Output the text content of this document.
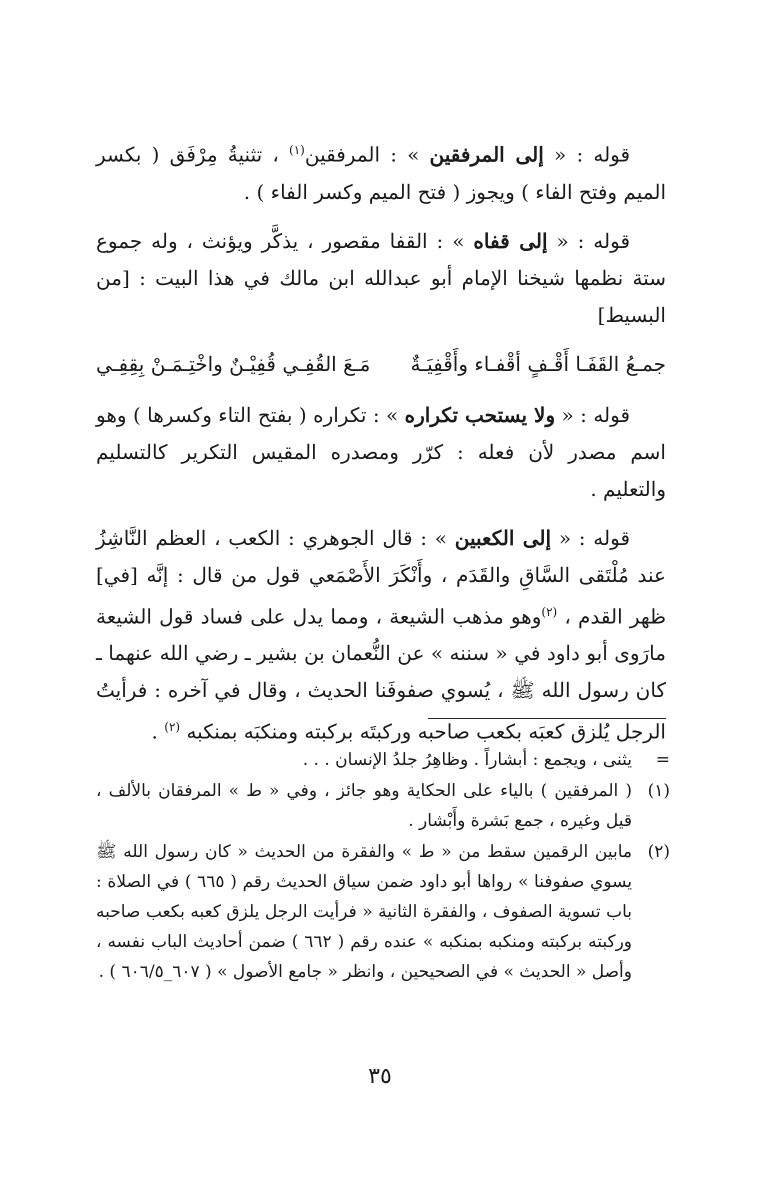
قوله : « إلى المرفقين » : المرفقين$^{(١)}$ ، تثنيةُ مِرْفَق ( بكسر الميم وفتح الفاء ) ويجوز ( فتح الميم وكسر الفاء ) .

قوله : « إلى قفاه » : القفا مقصور ، يذكَّر ويؤنث ، وله جموع ستة نظمها شيخنا الإمام أبو عبدالله ابن مالك في هذا البيت : [من البسيط]

جمـعُ القَفَـا أَقْـفٍ أقْفـاء وأَقْفِيَـةٌ
مَـعَ القُفِـي قُفِيْـنٌ واخْتِـمَـنْ بِقِفِـي

قوله : « ولا يستحب تكراره » : تكراره ( بفتح التاء وكسرها ) وهو اسم مصدر لأن فعله : كرّر ومصدره المقيس التكرير كالتسليم والتعليم .

قوله : « إلى الكعبين » : قال الجوهري : الكعب ، العظم النَّاشِزُ عند مُلْتَقى السَّاقِ والقَدَم ، وأَنْكَرَ الأَصْمَعي قول من قال : إنَّه [في] ظهر القدم ، $^{(٢)}$وهو مذهب الشيعة ، ومما يدل على فساد قول الشيعة مارَوى أبو داود في « سننه » عن النُّعمان بن بشير ـ رضي الله عنهما ـ كان رسول الله ﷺ ، يُسوي صفوفَنا الحديث ، وقال في آخره : فرأيتُ الرجل يُلزق كعبَه بكعب صاحبه وركبتَه بركبته ومنكبَه بمنكبه $^{(٢)}$ .

=
يثنى ، ويجمع : أبشاراً . وظاهِرُ جلدُ الإنسان . . .
(١)
( المرفقين ) بالياء على الحكاية وهو جائز ، وفي « ط » المرفقان بالألف ، قيل وغيره ، جمع بَشرة وأَبْشار .
(٢)
مابين الرقمين سقط من « ط » والفقرة من الحديث « كان رسول الله ﷺ يسوي صفوفنا » رواها أبو داود ضمن سياق الحديث رقم ( ٦٦٥ ) في الصلاة : باب تسوية الصفوف ، والفقرة الثانية « فرأيت الرجل يلزق كعبه بكعب صاحبه وركبته بركبته ومنكبه بمنكبه » عنده رقم ( ٦٦٢ ) ضمن أحاديث الباب نفسه ، وأصل « الحديث » في الصحيحين ، وانظر « جامع الأصول » ( ٦٠٧_٦٠٦/٥ ) .
٣٥
